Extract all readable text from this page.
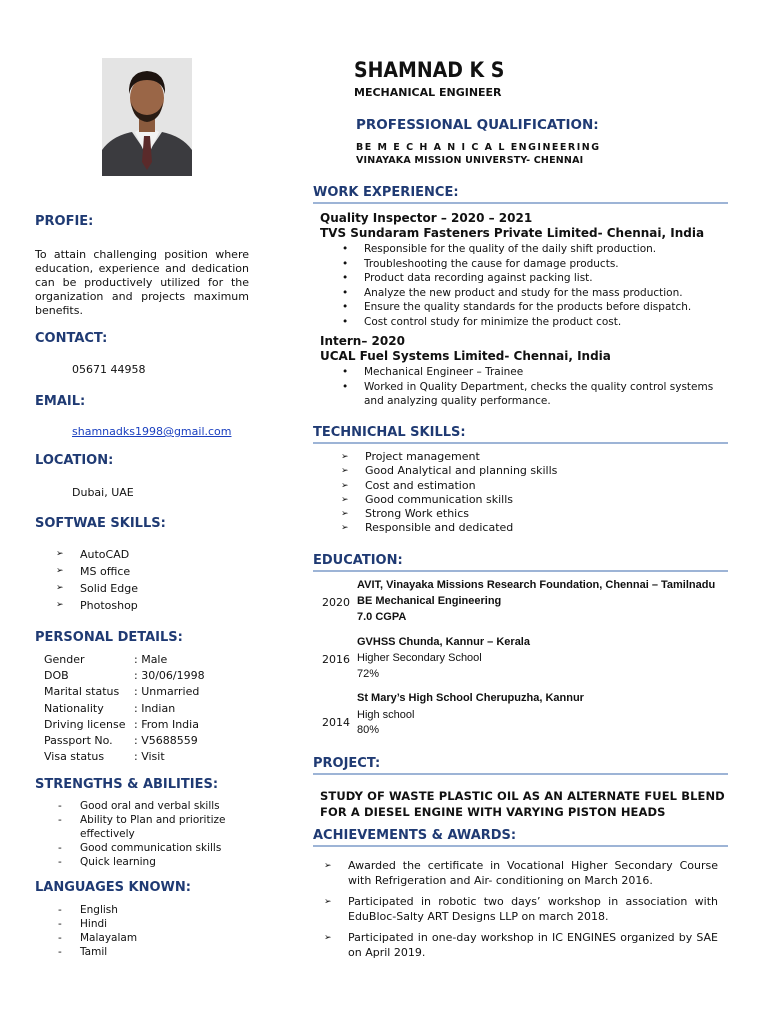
SHAMNAD K S
MECHANICAL ENGINEER
PROFESSIONAL QUALIFICATION:
BE M E C H A N I C A L ENGINEERING
VINAYAKA MISSION UNIVERSTY- CHENNAI
PROFIE:
To attain challenging position where education, experience and dedication can be productively utilized for the organization and projects maximum benefits.
CONTACT:
05671 44958
EMAIL:
shamnadks1998@gmail.com
LOCATION:
Dubai, UAE
SOFTWAE SKILLS:
➢ AutoCAD
➢ MS office
➢ Solid Edge
➢ Photoshop
PERSONAL DETAILS:
Gender	: Male
DOB	: 30/06/1998
Marital status	: Unmarried
Nationality	: Indian
Driving license	: From India
Passport No.	: V5688559
Visa status	: Visit
STRENGTHS & ABILITIES:
- Good oral and verbal skills
- Ability to Plan and prioritize effectively
- Good communication skills
- Quick learning
LANGUAGES KNOWN:
- English
- Hindi
- Malayalam
- Tamil
WORK EXPERIENCE:
Quality Inspector – 2020 – 2021
TVS Sundaram Fasteners Private Limited- Chennai, India
• Responsible for the quality of the daily shift production.
• Troubleshooting the cause for damage products.
• Product data recording against packing list.
• Analyze the new product and study for the mass production.
• Ensure the quality standards for the products before dispatch.
• Cost control study for minimize the product cost.
Intern– 2020
UCAL Fuel Systems Limited- Chennai, India
• Mechanical Engineer – Trainee
• Worked in Quality Department, checks the quality control systems and analyzing quality performance.
TECHNICHAL SKILLS:
➢ Project management
➢ Good Analytical and planning skills
➢ Cost and estimation
➢ Good communication skills
➢ Strong Work ethics
➢ Responsible and dedicated
EDUCATION:
AVIT, Vinayaka Missions Research Foundation, Chennai – Tamilnadu
2020 BE Mechanical Engineering
7.0 CGPA
GVHSS Chunda, Kannur – Kerala
2016 Higher Secondary School
72%
St Mary’s High School Cherupuzha, Kannur
2014
High school
80%
PROJECT:
STUDY OF WASTE PLASTIC OIL AS AN ALTERNATE FUEL BLEND FOR A DIESEL ENGINE WITH VARYING PISTON HEADS
ACHIEVEMENTS & AWARDS:
➢ Awarded the certificate in Vocational Higher Secondary Course with Refrigeration and Air- conditioning on March 2016.
➢ Participated in robotic two days’ workshop in association with EduBloc-Salty ART Designs LLP on march 2018.
➢ Participated in one-day workshop in IC ENGINES organized by SAE on April 2019.
